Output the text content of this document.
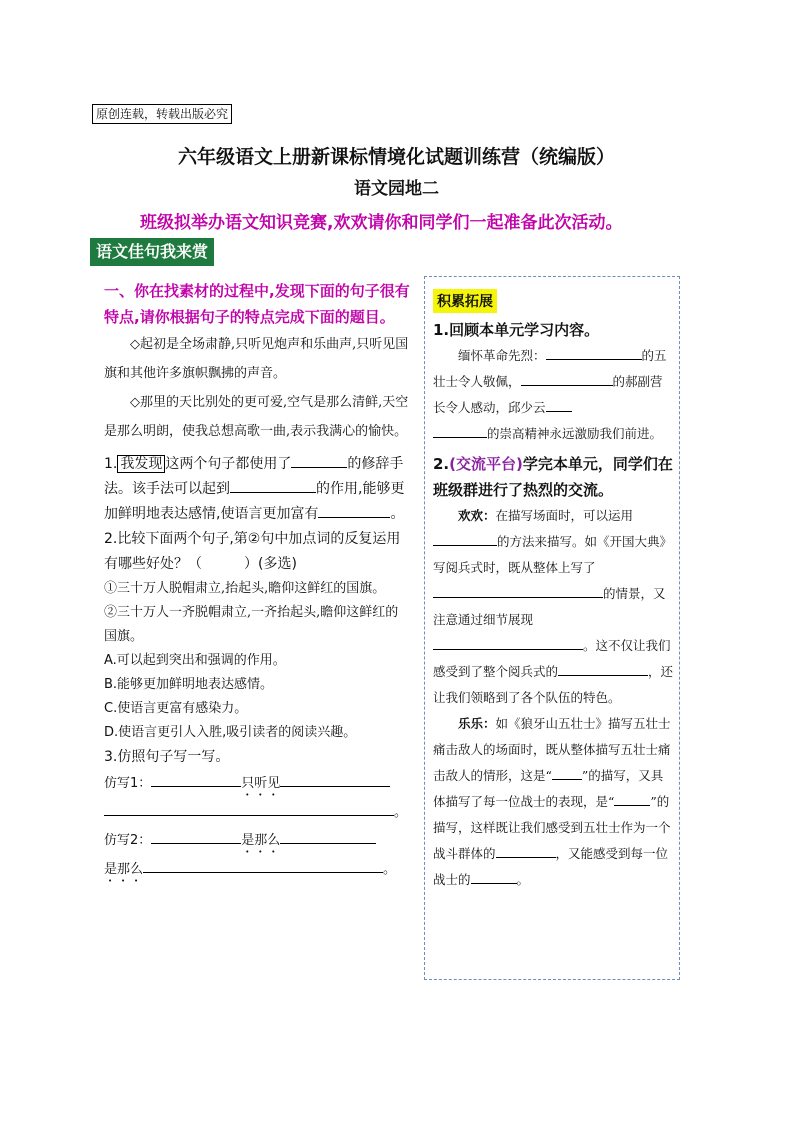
原创连载，转载出版必究
六年级语文上册新课标情境化试题训练营（统编版）
语文园地二
班级拟举办语文知识竞赛,欢欢请你和同学们一起准备此次活动。
语文佳句我来赏
一、你在找素材的过程中,发现下面的句子很有特点,请你根据句子的特点完成下面的题目。
◇起初是全场肃静,只听见炮声和乐曲声,只听见国旗和其他许多旗帜飘拂的声音。
◇那里的天比别处的更可爱,空气是那么清鲜,天空是那么明朗，使我总想高歌一曲,表示我满心的愉快。
1. 我发现 这两个句子都使用了	的修辞手法。该手法可以起到	的作用,能够更加鲜明地表达感情,使语言更加富有	。
2.比较下面两个句子,第②句中加点词的反复运用有哪些好处？（　　　）(多选)
①三十万人脱帽肃立,抬起头,瞻仰这鲜红的国旗。
②三十万人一齐脱帽肃立,一齐抬起头,瞻仰这鲜红的国旗。
A.可以起到突出和强调的作用。
B.能够更加鲜明地表达感情。
C.使语言更富有感染力。
D.使语言更引人入胜,吸引读者的阅读兴趣。
3.仿照句子写一写。
仿写1：	只听见
。
仿写2：	是那么
是那么	。
积累拓展
1.回顾本单元学习内容。
缅怀革命先烈：	的五壮士令人敬佩，	的郝副营长令人感动，邱少云
的崇高精神永远激励我们前进。
2.(交流平台)学完本单元，同学们在班级群进行了热烈的交流。
欢欢：在描写场面时，可以运用的方法来描写。如《开国大典》写阅兵式时，既从整体上写了的情景，又注意通过细节展现。这不仅让我们感受到了整个阅兵式的	，还让我们领略到了各个队伍的特色。
乐乐：如《狼牙山五壮士》描写五壮士痛击敌人的场面时，既从整体描写五壮士痛击敌人的情形，这是“ ”的描写，又具体描写了每一位战士的表现，是“	”的描写，这样既让我们感受到五壮士作为一个战斗群体的	，又能感受到每一位战士的	。
